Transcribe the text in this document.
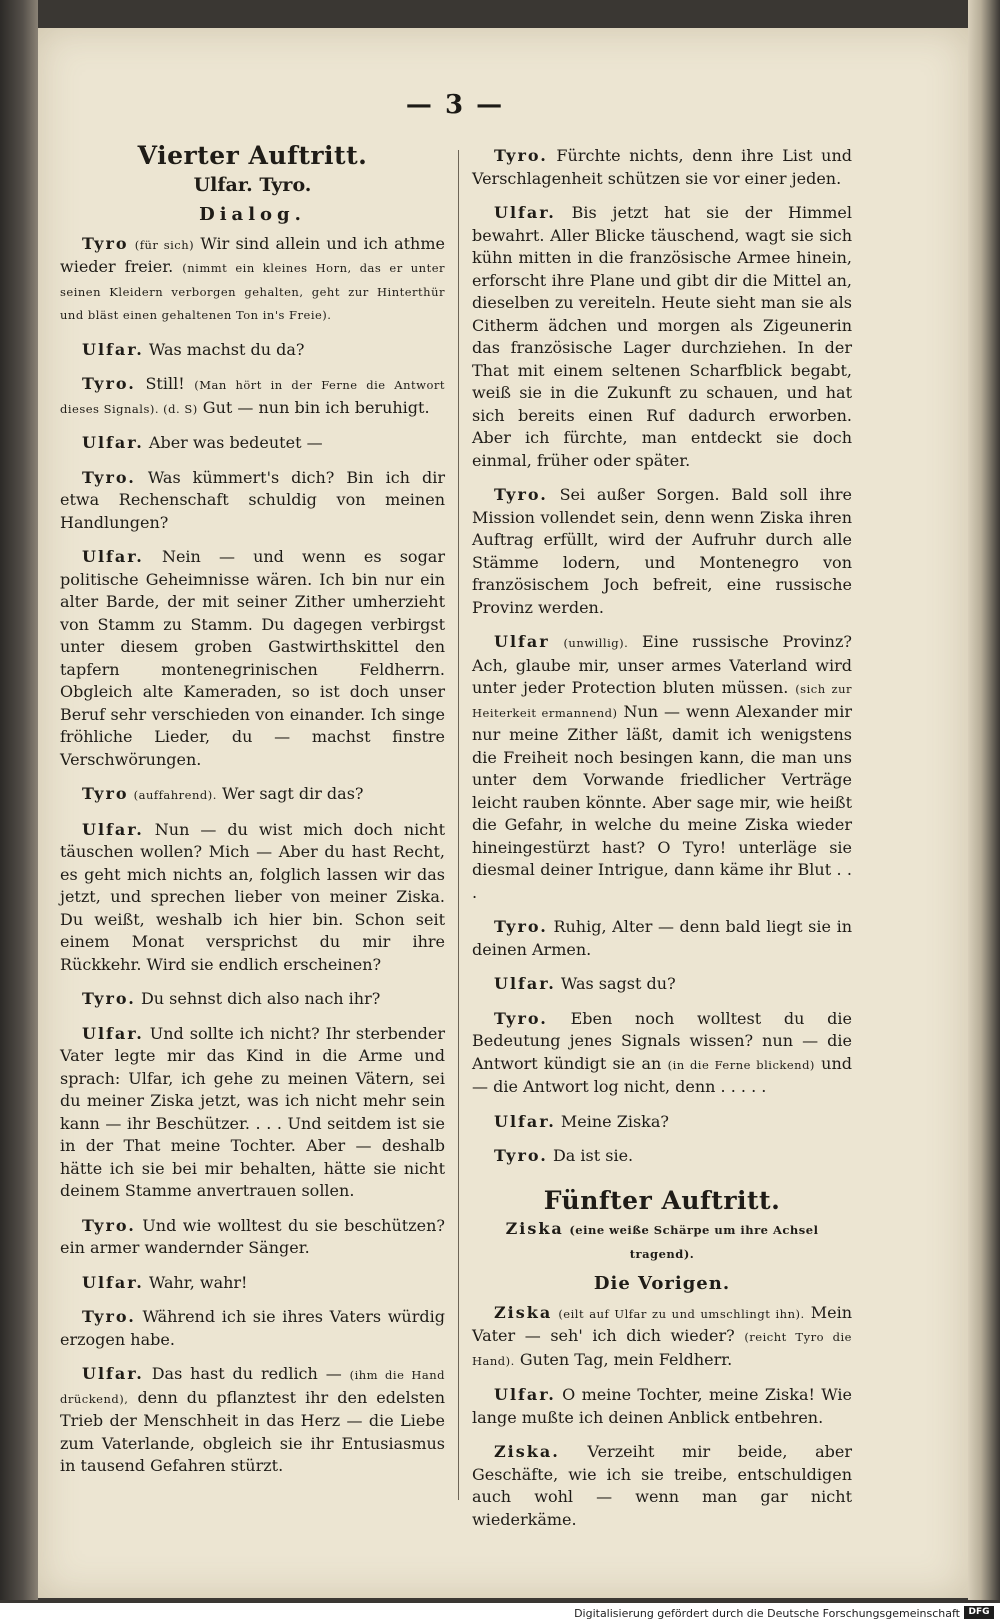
— 3 —
Vierter Auftritt.
Ulfar. Tyro.
Dialog.

Tyro (für sich) Wir sind allein und ich athme wieder freier. (nimmt ein kleines Horn, das er unter seinen Kleidern verborgen gehalten, geht zur Hinterthür und bläst einen gehaltenen Ton in's Freie).

Ulfar. Was machst du da?

Tyro. Still! (Man hört in der Ferne die Antwort dieses Signals). (d. S) Gut — nun bin ich beruhigt.

Ulfar. Aber was bedeutet —

Tyro. Was kümmert's dich? Bin ich dir etwa Rechenschaft schuldig von meinen Handlungen?

Ulfar. Nein — und wenn es sogar politische Geheimnisse wären. Ich bin nur ein alter Barde, der mit seiner Zither umherzieht von Stamm zu Stamm. Du dagegen verbirgst unter diesem groben Gastwirthskittel den tapfern montenegrinischen Feldherrn. Obgleich alte Kameraden, so ist doch unser Beruf sehr verschieden von einander. Ich singe fröhliche Lieder, du — machst finstre Verschwörungen.

Tyro (auffahrend). Wer sagt dir das?

Ulfar. Nun — du wist mich doch nicht täuschen wollen? Mich — Aber du hast Recht, es geht mich nichts an, folglich lassen wir das jetzt, und sprechen lieber von meiner Ziska. Du weißt, weshalb ich hier bin. Schon seit einem Monat versprichst du mir ihre Rückkehr. Wird sie endlich erscheinen?

Tyro. Du sehnst dich also nach ihr?

Ulfar. Und sollte ich nicht? Ihr sterbender Vater legte mir das Kind in die Arme und sprach: Ulfar, ich gehe zu meinen Vätern, sei du meiner Ziska jetzt, was ich nicht mehr sein kann — ihr Beschützer. . . . Und seitdem ist sie in der That meine Tochter. Aber — deshalb hätte ich sie bei mir behalten, hätte sie nicht deinem Stamme anvertrauen sollen.

Tyro. Und wie wolltest du sie beschützen? ein armer wandernder Sänger.

Ulfar. Wahr, wahr!

Tyro. Während ich sie ihres Vaters würdig erzogen habe.

Ulfar. Das hast du redlich — (ihm die Hand drückend), denn du pflanztest ihr den edelsten Trieb der Menschheit in das Herz — die Liebe zum Vaterlande, obgleich sie ihr Entusiasmus in tausend Gefahren stürzt.

Tyro. Fürchte nichts, denn ihre List und Verschlagenheit schützen sie vor einer jeden.

Ulfar. Bis jetzt hat sie der Himmel bewahrt. Aller Blicke täuschend, wagt sie sich kühn mitten in die französische Armee hinein, erforscht ihre Plane und gibt dir die Mittel an, dieselben zu vereiteln. Heute sieht man sie als Citherm ädchen und morgen als Zigeunerin das französische Lager durchziehen. In der That mit einem seltenen Scharfblick begabt, weiß sie in die Zukunft zu schauen, und hat sich bereits einen Ruf dadurch erworben. Aber ich fürchte, man entdeckt sie doch einmal, früher oder später.

Tyro. Sei außer Sorgen. Bald soll ihre Mission vollendet sein, denn wenn Ziska ihren Auftrag erfüllt, wird der Aufruhr durch alle Stämme lodern, und Montenegro von französischem Joch befreit, eine russische Provinz werden.

Ulfar (unwillig). Eine russische Provinz? Ach, glaube mir, unser armes Vaterland wird unter jeder Protection bluten müssen. (sich zur Heiterkeit ermannend) Nun — wenn Alexander mir nur meine Zither läßt, damit ich wenigstens die Freiheit noch besingen kann, die man uns unter dem Vorwande friedlicher Verträge leicht rauben könnte. Aber sage mir, wie heißt die Gefahr, in welche du meine Ziska wieder hineingestürzt hast? O Tyro! unterläge sie diesmal deiner Intrigue, dann käme ihr Blut . . .

Tyro. Ruhig, Alter — denn bald liegt sie in deinen Armen.

Ulfar. Was sagst du?

Tyro. Eben noch wolltest du die Bedeutung jenes Signals wissen? nun — die Antwort kündigt sie an (in die Ferne blickend) und — die Antwort log nicht, denn . . . . .

Ulfar. Meine Ziska?

Tyro. Da ist sie.

Fünfter Auftritt.
Ziska (eine weiße Schärpe um ihre Achsel tragend).
Die Vorigen.

Ziska (eilt auf Ulfar zu und umschlingt ihn). Mein Vater — seh' ich dich wieder? (reicht Tyro die Hand). Guten Tag, mein Feldherr.

Ulfar. O meine Tochter, meine Ziska! Wie lange mußte ich deinen Anblick entbehren.

Ziska. Verzeiht mir beide, aber Geschäfte, wie ich sie treibe, entschuldigen auch wohl — wenn man gar nicht wiederkäme.

Digitalisierung gefördert durch die Deutsche Forschungsgemeinschaft DFG
